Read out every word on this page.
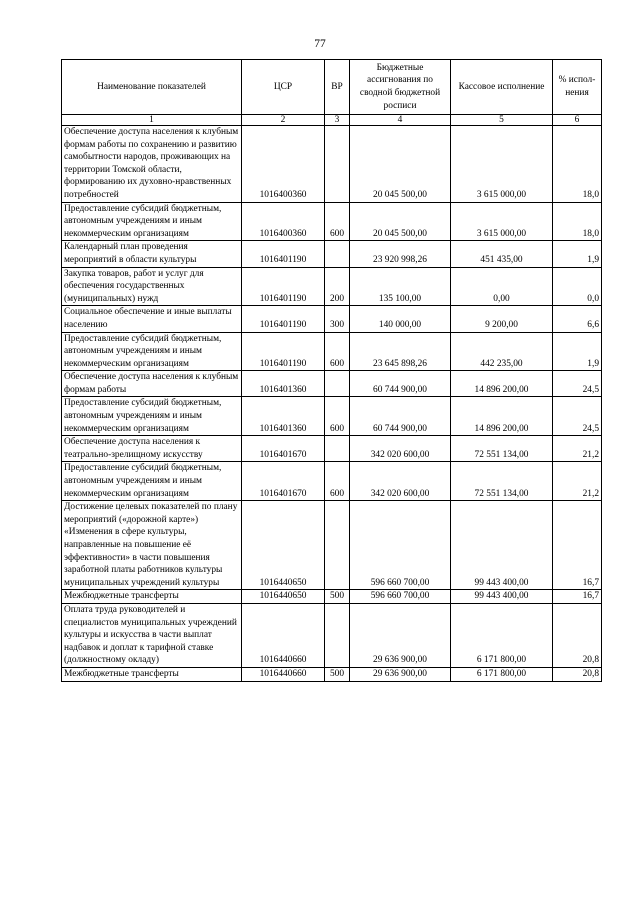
77
Наименование показателей	ЦСР	ВР	Бюджетные ассигнования по сводной бюджетной росписи	Кассовое исполнение	% испол-нения
1	2	3	4	5	6
Обеспечение доступа населения к клубным формам работы по сохранению и развитию самобытности народов, проживающих на территории Томской области, формированию их духовно-нравственных потребностей	1016400360		20 045 500,00	3 615 000,00	18,0
Предоставление субсидий бюджетным, автономным учреждениям и иным некоммерческим организациям	1016400360	600	20 045 500,00	3 615 000,00	18,0
Календарный план проведения мероприятий в области культуры	1016401190		23 920 998,26	451 435,00	1,9
Закупка товаров, работ и услуг для обеспечения государственных (муниципальных) нужд	1016401190	200	135 100,00	0,00	0,0
Социальное обеспечение и иные выплаты населению	1016401190	300	140 000,00	9 200,00	6,6
Предоставление субсидий бюджетным, автономным учреждениям и иным некоммерческим организациям	1016401190	600	23 645 898,26	442 235,00	1,9
Обеспечение доступа населения к клубным формам работы	1016401360		60 744 900,00	14 896 200,00	24,5
Предоставление субсидий бюджетным, автономным учреждениям и иным некоммерческим организациям	1016401360	600	60 744 900,00	14 896 200,00	24,5
Обеспечение доступа населения к театрально-зрелищному искусству	1016401670		342 020 600,00	72 551 134,00	21,2
Предоставление субсидий бюджетным, автономным учреждениям и иным некоммерческим организациям	1016401670	600	342 020 600,00	72 551 134,00	21,2
Достижение целевых показателей по плану мероприятий («дорожной карте») «Изменения в сфере культуры, направленные на повышение её эффективности» в части повышения заработной платы работников культуры муниципальных учреждений культуры	1016440650		596 660 700,00	99 443 400,00	16,7
Межбюджетные трансферты	1016440650	500	596 660 700,00	99 443 400,00	16,7
Оплата труда руководителей и специалистов муниципальных учреждений культуры и искусства в части выплат надбавок и доплат к тарифной ставке (должностному окладу)	1016440660		29 636 900,00	6 171 800,00	20,8
Межбюджетные трансферты	1016440660	500	29 636 900,00	6 171 800,00	20,8
